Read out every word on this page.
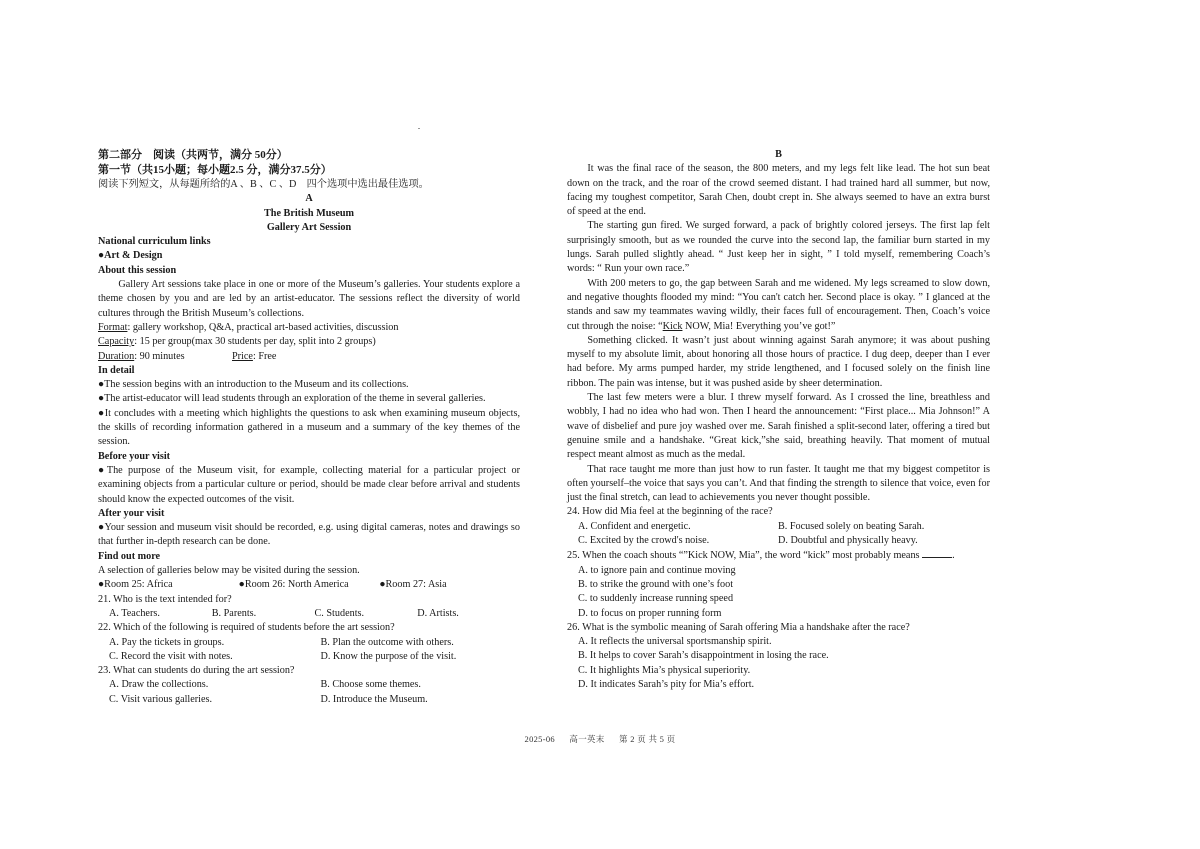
第二部分　阅读（共两节，满分 50分）

第一节（共15小题；每小题2.5 分，满分37.5分）

阅读下列短文，从每题所给的A 、B 、C 、D　四个选项中选出最佳选项。

A

The British Museum

Gallery Art Session

National curriculum links

●Art & Design

About this session

Gallery Art sessions take place in one or more of the Museum’s galleries. Your students explore a theme chosen by you and are led by an artist-educator. The sessions reflect the diversity of world cultures through the British Museum’s collections.

Format: gallery workshop, Q&A, practical art-based activities, discussion

Capacity: 15 per group(max 30 students per day, split into 2 groups)

Duration: 90 minutes	Price: Free

In detail

●The session begins with an introduction to the Museum and its collections.

●The artist-educator will lead students through an exploration of the theme in several galleries.

●It concludes with a meeting which highlights the questions to ask when examining museum objects, the skills of recording information gathered in a museum and a summary of the key themes of the session.

Before your visit

●The purpose of the Museum visit, for example, collecting material for a particular project or examining objects from a particular culture or period, should be made clear before arrival and students should know the expected outcomes of the visit.

After your visit

●Your session and museum visit should be recorded, e.g. using digital cameras, notes and drawings so that further in-depth research can be done.

Find out more

A selection of galleries below may be visited during the session.

●Room 25: Africa	●Room 26: North America	●Room 27: Asia

21. Who is the text intended for?

A. Teachers.	B. Parents.	C. Students.	D. Artists.

22. Which of the following is required of students before the art session?

A. Pay the tickets in groups.	B. Plan the outcome with others.

C. Record the visit with notes.	D. Know the purpose of the visit.

23. What can students do during the art session?

A. Draw the collections.	B. Choose some themes.

C. Visit various galleries.	D. Introduce the Museum.

B

It was the final race of the season, the 800 meters, and my legs felt like lead. The hot sun beat down on the track, and the roar of the crowd seemed distant. I had trained hard all summer, but now, facing my toughest competitor, Sarah Chen, doubt crept in. She always seemed to have an extra burst of speed at the end.

The starting gun fired. We surged forward, a pack of brightly colored jerseys. The first lap felt surprisingly smooth, but as we rounded the curve into the second lap, the familiar burn started in my lungs. Sarah pulled slightly ahead. “ Just keep her in sight, ” I told myself, remembering Coach’s words: “ Run your own race.”

With 200 meters to go, the gap between Sarah and me widened. My legs screamed to slow down, and negative thoughts flooded my mind: “You can't catch her. Second place is okay. ” I glanced at the stands and saw my teammates waving wildly, their faces full of encouragement. Then, Coach’s voice cut through the noise: “Kick NOW, Mia! Everything you’ve got!”

Something clicked. It wasn’t just about winning against Sarah anymore; it was about pushing myself to my absolute limit, about honoring all those hours of practice. I dug deep, deeper than I ever had before. My arms pumped harder, my stride lengthened, and I focused solely on the finish line ribbon. The pain was intense, but it was pushed aside by sheer determination.

The last few meters were a blur. I threw myself forward. As I crossed the line, breathless and wobbly, I had no idea who had won. Then I heard the announcement: “First place... Mia Johnson!” A wave of disbelief and pure joy washed over me. Sarah finished a split-second later, offering a tired but genuine smile and a handshake. “Great kick,”she said, breathing heavily. That moment of mutual respect meant almost as much as the medal.

That race taught me more than just how to run faster. It taught me that my biggest competitor is often yourself–the voice that says you can’t. And that finding the strength to silence that voice, even for just the final stretch, can lead to achievements you never thought possible.

24. How did Mia feel at the beginning of the race?

A. Confident and energetic.	B. Focused solely on beating Sarah.

C. Excited by the crowd's noise.	D. Doubtful and physically heavy.

25. When the coach shouts “”Kick NOW, Mia”, the word “kick” most probably means	.

A. to ignore pain and continue moving

B. to strike the ground with one’s foot

C. to suddenly increase running speed

D. to focus on proper running form

26. What is the symbolic meaning of Sarah offering Mia a handshake after the race?

A. It reflects the universal sportsmanship spirit.

B. It helps to cover Sarah’s disappointment in losing the race.

C. It highlights Mia’s physical superiority.

D. It indicates Sarah’s pity for Mia’s effort.

2025-06 高一英末 第 2 页 共 5 页
